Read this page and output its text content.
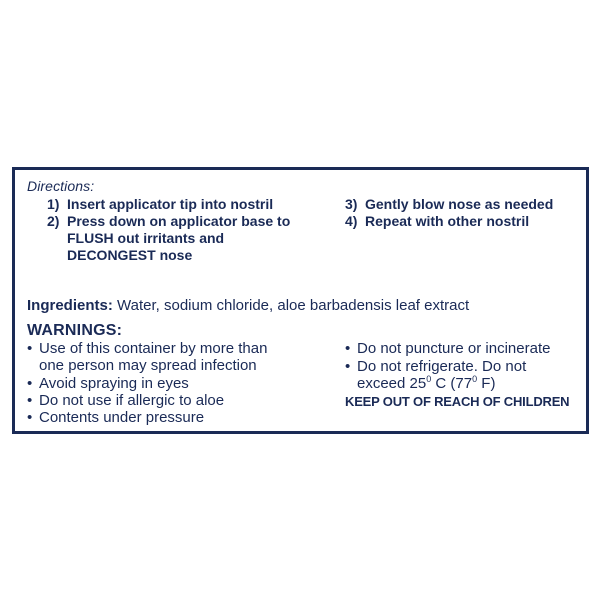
Directions:
1) Insert applicator tip into nostril
2) Press down on applicator base to
FLUSH out irritants and
DECONGEST nose
3) Gently blow nose as needed
4) Repeat with other nostril
Ingredients: Water, sodium chloride, aloe barbadensis leaf extract
WARNINGS:
• Use of this container by more than
one person may spread infection
• Avoid spraying in eyes
• Do not use if allergic to aloe
• Contents under pressure
• Do not puncture or incinerate
• Do not refrigerate. Do not
exceed $25^0$ C ($77^0$ F)
KEEP OUT OF REACH OF CHILDREN
